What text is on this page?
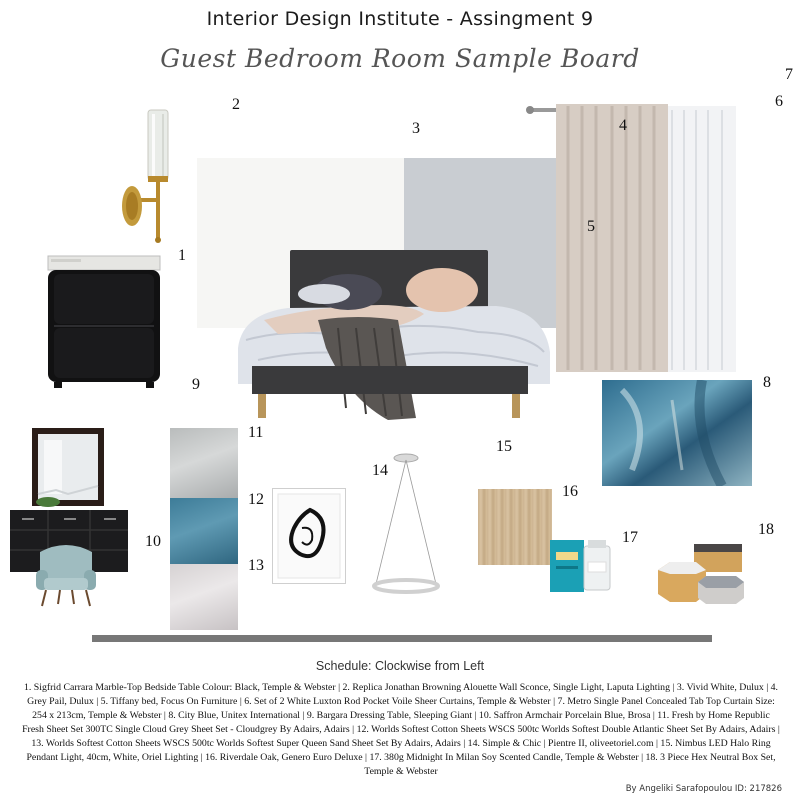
Interior Design Institute - Assingment 9
Guest Bedroom Room Sample Board
1
2
3	4
5
6
7
8
9
10
11
12
13
14
15
16
17	18
Schedule: Clockwise from Left
1. Sigfrid Carrara Marble-Top Bedside Table Colour: Black, Temple & Webster | 2. Replica Jonathan Browning Alouette Wall Sconce, Single Light, Laputa Lighting | 3. Vivid White, Dulux | 4. Grey Pail, Dulux | 5. Tiffany bed, Focus On Furniture | 6. Set of 2 White Luxton Rod Pocket Voile Sheer Curtains, Temple & Webster | 7. Metro Single Panel Concealed Tab Top Curtain Size: 254 x 213cm, Temple & Webster | 8. City Blue, Unitex International | 9. Bargara Dressing Table, Sleeping Giant | 10. Saffron Armchair Porcelain Blue, Brosa | 11. Fresh by Home Republic Fresh Sheet Set 300TC Single Cloud Grey Sheet Set - Cloudgrey By Adairs, Adairs | 12. Worlds Softest Cotton Sheets WSCS 500tc Worlds Softest Double Atlantic Sheet Set By Adairs, Adairs | 13. Worlds Softest Cotton Sheets WSCS 500tc Worlds Softest Super Queen Sand Sheet Set By Adairs, Adairs | 14. Simple & Chic | Pientre II, oliveetoriel.com | 15. Nimbus LED Halo Ring Pendant Light, 40cm, White, Oriel Lighting | 16. Riverdale Oak, Genero Euro Deluxe | 17. 380g Midnight In Milan Soy Scented Candle, Temple & Webster | 18. 3 Piece Hex Neutral Box Set, Temple & Webster
By Angeliki Sarafopoulou ID: 217826
